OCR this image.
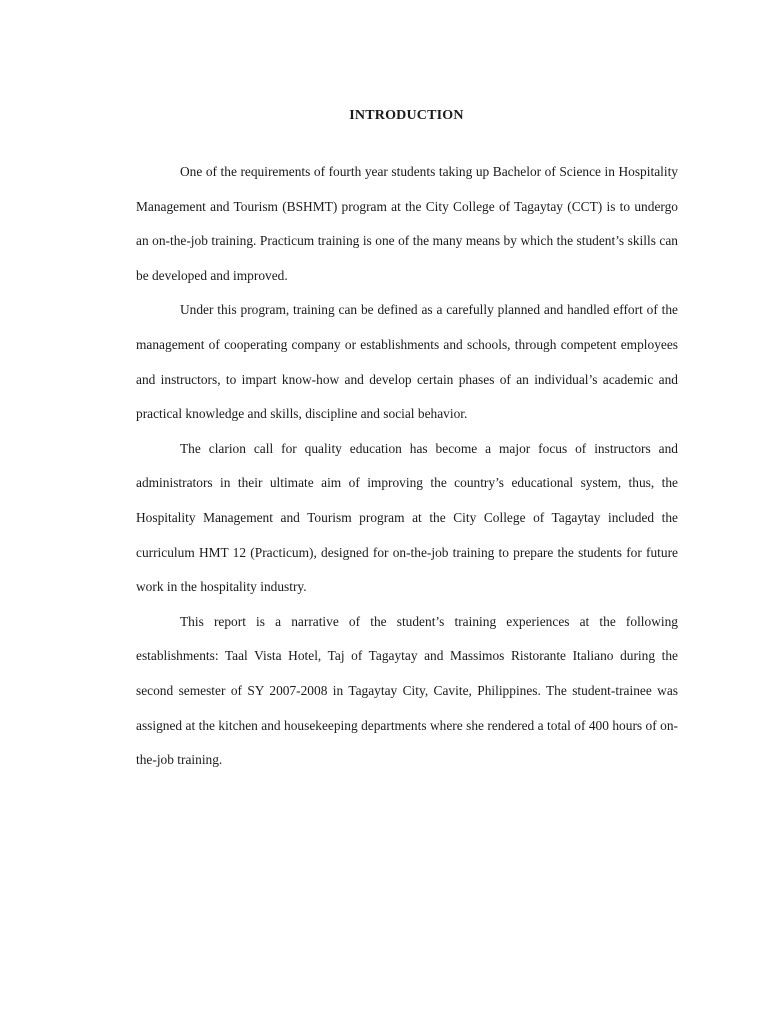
INTRODUCTION

One of the requirements of fourth year students taking up Bachelor of Science in Hospitality Management and Tourism (BSHMT) program at the City College of Tagaytay (CCT) is to undergo an on-the-job training. Practicum training is one of the many means by which the student’s skills can be developed and improved.

Under this program, training can be defined as a carefully planned and handled effort of the management of cooperating company or establishments and schools, through competent employees and instructors, to impart know-how and develop certain phases of an individual’s academic and practical knowledge and skills, discipline and social behavior.

The clarion call for quality education has become a major focus of instructors and administrators in their ultimate aim of improving the country’s educational system, thus, the Hospitality Management and Tourism program at the City College of Tagaytay included the curriculum HMT 12 (Practicum), designed for on-the-job training to prepare the students for future work in the hospitality industry.

This report is a narrative of the student’s training experiences at the following establishments: Taal Vista Hotel, Taj of Tagaytay and Massimos Ristorante Italiano during the second semester of SY 2007-2008 in Tagaytay City, Cavite, Philippines. The student-trainee was assigned at the kitchen and housekeeping departments where she rendered a total of 400 hours of on-the-job training.
